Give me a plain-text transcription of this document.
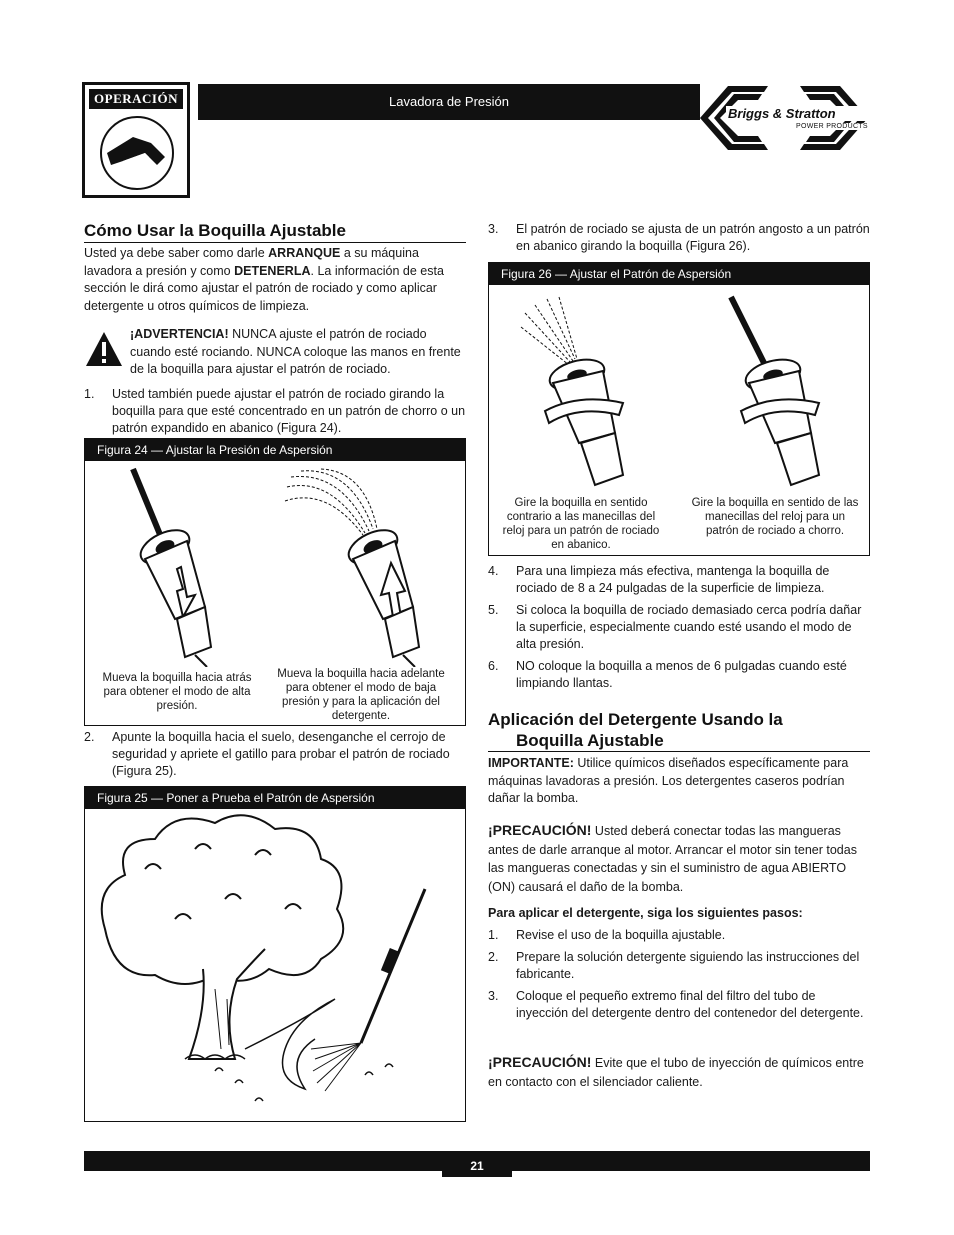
OPERACIÓN	Lavadora de Presión
Briggs & Stratton
POWER PRODUCTS
Cómo Usar la Boquilla Ajustable
Usted ya debe saber como darle ARRANQUE a su máquina lavadora a presión y como DETENERLA. La información de esta sección le dirá como ajustar el patrón de rociado y como aplicar detergente u otros químicos de limpieza.
¡ADVERTENCIA! NUNCA ajuste el patrón de rociado cuando esté rociando. NUNCA coloque las manos en frente de la boquilla para ajustar el patrón de rociado.
1. Usted también puede ajustar el patrón de rociado girando la boquilla para que esté concentrado en un patrón de chorro o un patrón expandido en abanico (Figura 24).
Figura 24 — Ajustar la Presión de Aspersión
Mueva la boquilla hacia atrás para obtener el modo de alta presión.
Mueva la boquilla hacia adelante para obtener el modo de baja presión y para la aplicación del detergente.
2. Apunte la boquilla hacia el suelo, desenganche el cerrojo de seguridad y apriete el gatillo para probar el patrón de rociado (Figura 25).
Figura 25 — Poner a Prueba el Patrón de Aspersión
3. El patrón de rociado se ajusta de un patrón angosto a un patrón en abanico girando la boquilla (Figura 26).
Figura 26 — Ajustar el Patrón de Aspersión
Gire la boquilla en sentido contrario a las manecillas del reloj para un patrón de rociado en abanico.
Gire la boquilla en sentido de las manecillas del reloj para un patrón de rociado a chorro.
4. Para una limpieza más efectiva, mantenga la boquilla de rociado de 8 a 24 pulgadas de la superficie de limpieza.
5. Si coloca la boquilla de rociado demasiado cerca podría dañar la superficie, especialmente cuando esté usando el modo de alta presión.
6. NO coloque la boquilla a menos de 6 pulgadas cuando esté limpiando llantas.
Aplicación del Detergente Usando la
Boquilla Ajustable
IMPORTANTE: Utilice químicos diseñados específicamente para máquinas lavadoras a presión. Los detergentes caseros podrían dañar la bomba.
¡PRECAUCIÓN! Usted deberá conectar todas las mangueras antes de darle arranque al motor. Arrancar el motor sin tener todas las mangueras conectadas y sin el suministro de agua ABIERTO (ON) causará el daño de la bomba.
Para aplicar el detergente, siga los siguientes pasos:
1. Revise el uso de la boquilla ajustable.
2. Prepare la solución detergente siguiendo las instrucciones del fabricante.
3. Coloque el pequeño extremo final del filtro del tubo de inyección del detergente dentro del contenedor del detergente.
¡PRECAUCIÓN! Evite que el tubo de inyección de químicos entre en contacto con el silenciador caliente.
21
